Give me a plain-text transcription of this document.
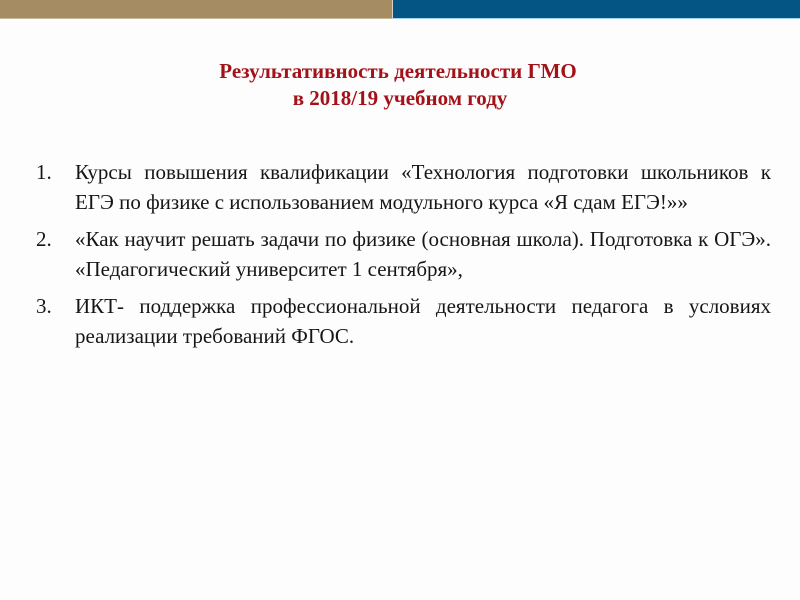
Результативность деятельности ГМО
в 2018/19 учебном году
1.	Курсы повышения квалификации «Технология подготовки школьников к ЕГЭ по физике с использованием модульного курса «Я сдам ЕГЭ!»»
2.	«Как научит решать задачи по физике (основная школа). Подготовка к ОГЭ». «Педагогический университет 1 сентября»,
3.	ИКТ- поддержка профессиональной деятельности педагога в условиях реализации требований ФГОС.
